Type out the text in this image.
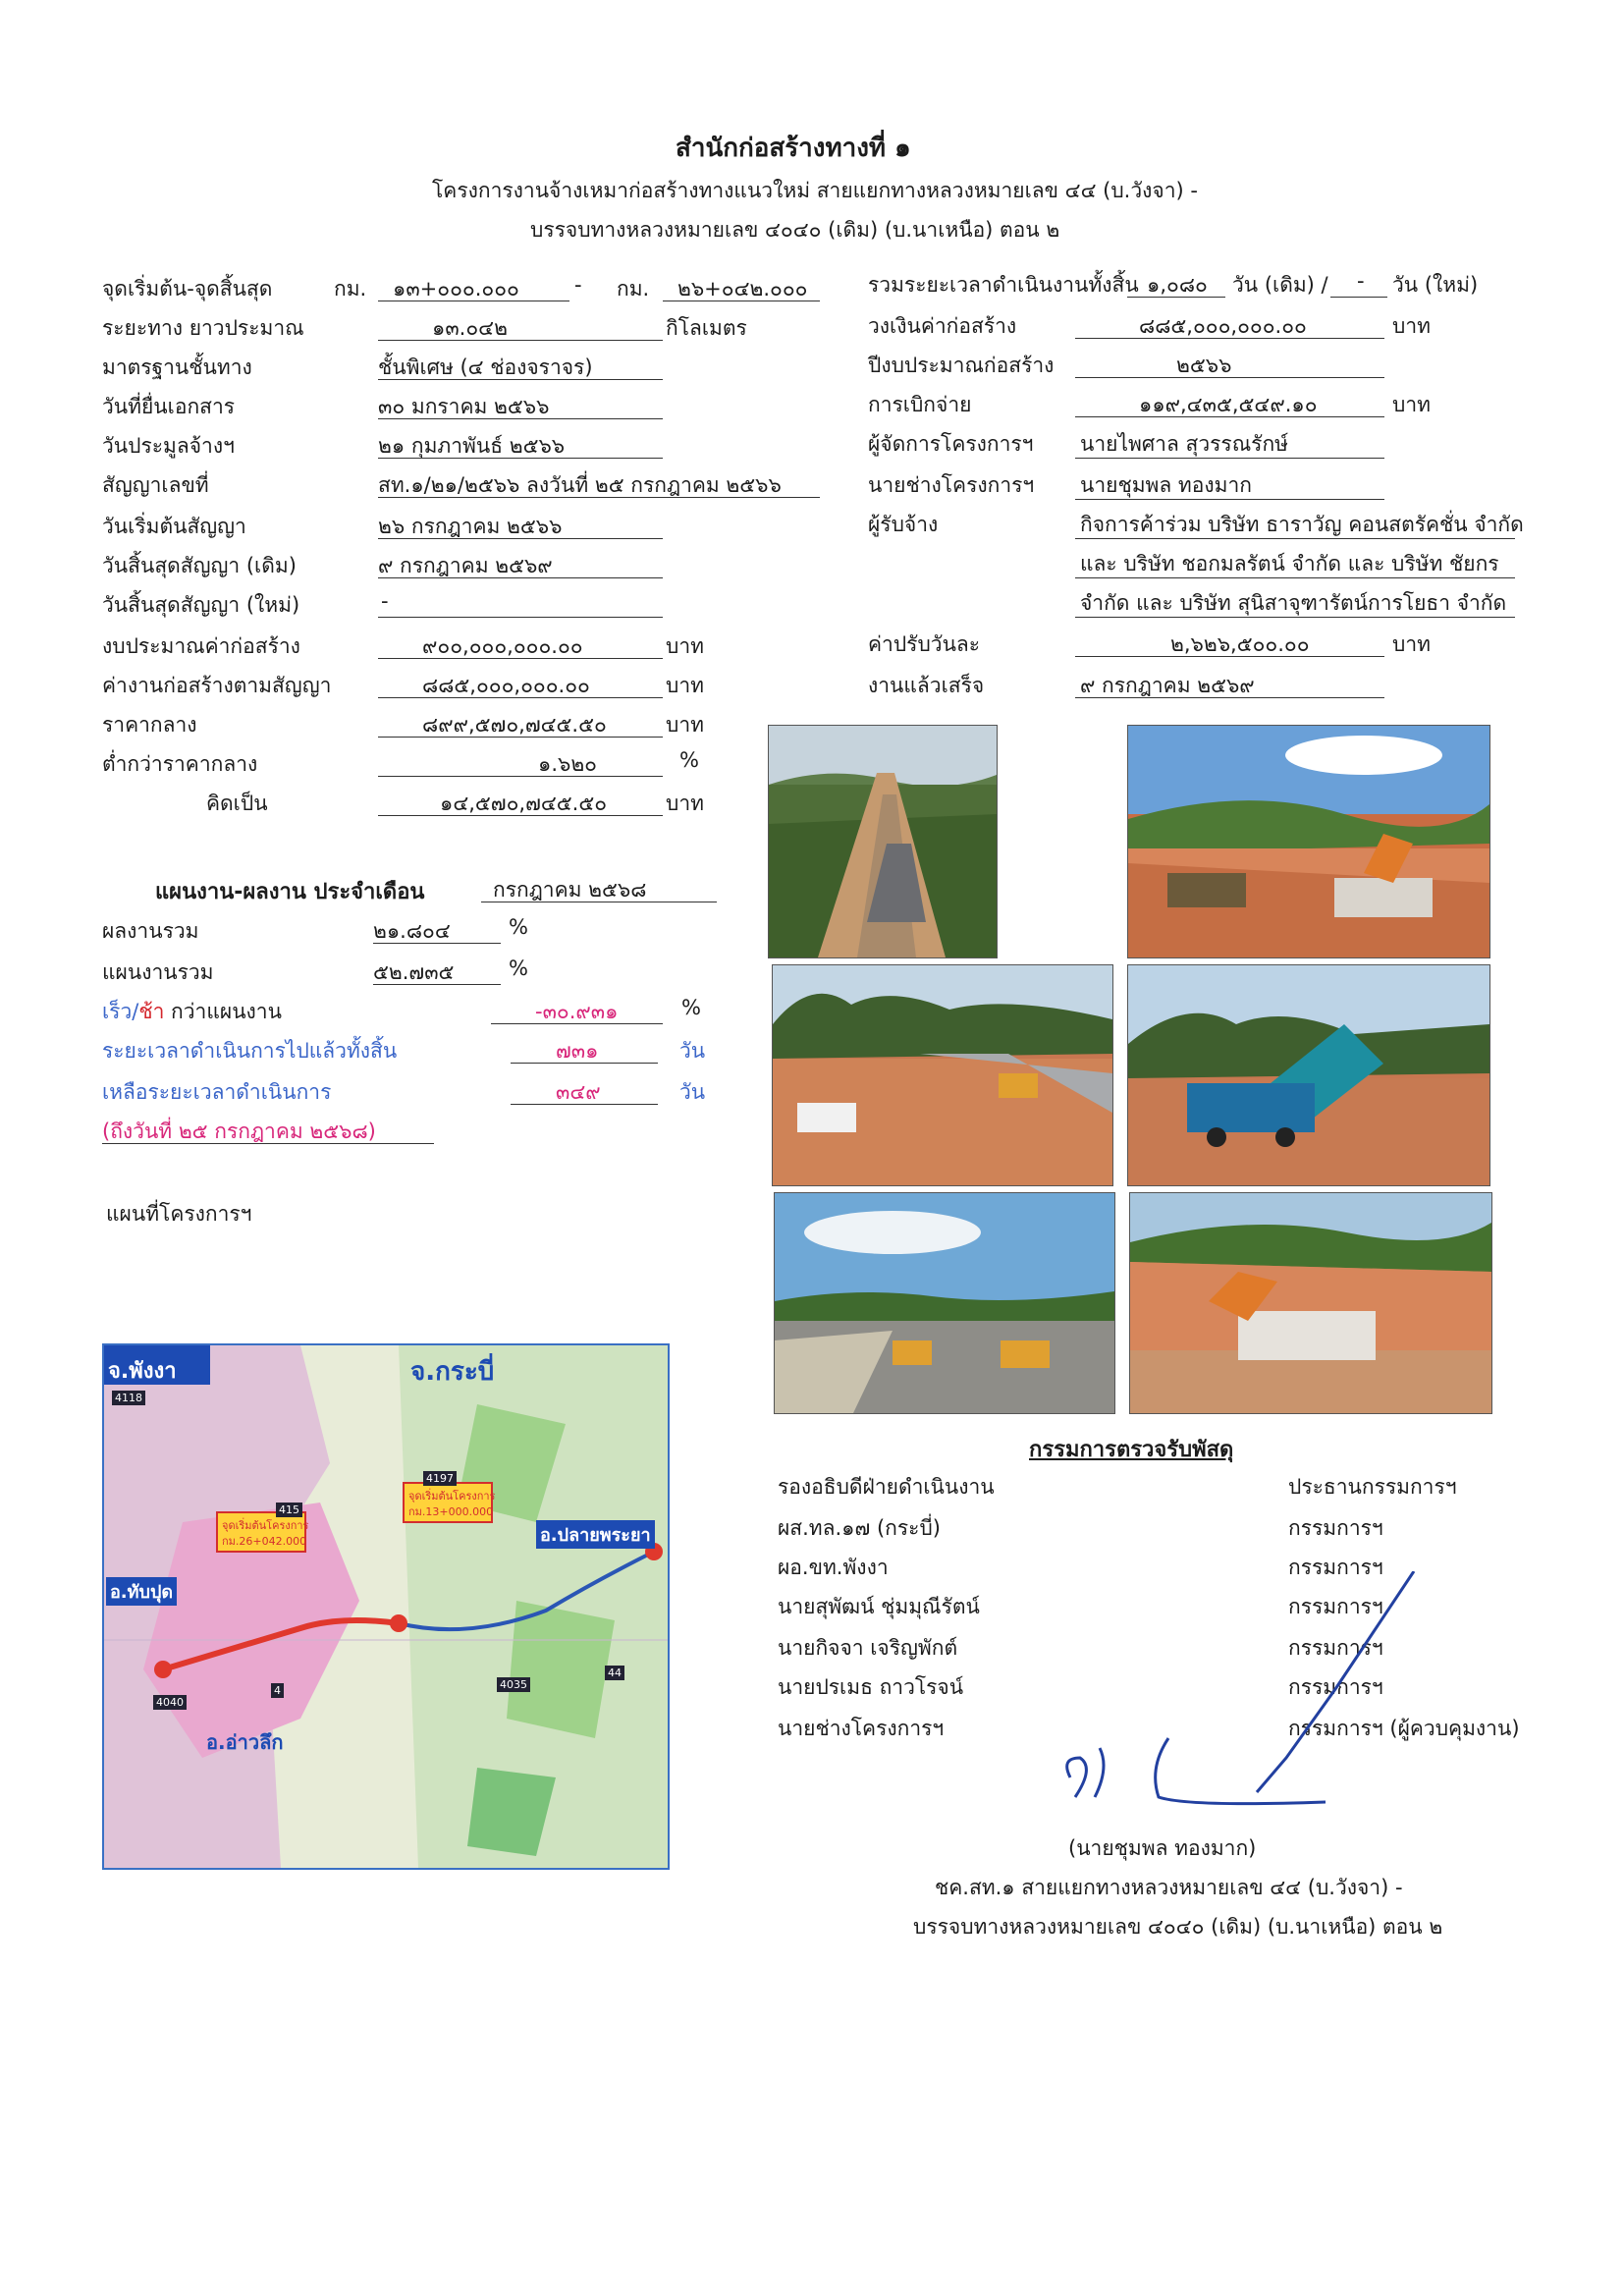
สำนักก่อสร้างทางที่ ๑
โครงการงานจ้างเหมาก่อสร้างทางแนวใหม่ สายแยกทางหลวงหมายเลข ๔๔ (บ.วังจา) -
บรรจบทางหลวงหมายเลข ๔๐๔๐ (เดิม) (บ.นาเหนือ) ตอน ๒
จุดเริ่มต้น-จุดสิ้นสุด	กม. ๑๓+๐๐๐.๐๐๐	- กม. ๒๖+๐๔๒.๐๐๐
ระยะทาง ยาวประมาณ	๑๓.๐๔๒	กิโลเมตร
มาตรฐานชั้นทาง	ชั้นพิเศษ (๔ ช่องจราจร)
วันที่ยื่นเอกสาร	๓๐ มกราคม ๒๕๖๖
วันประมูลจ้างฯ	๒๑ กุมภาพันธ์ ๒๕๖๖
สัญญาเลขที่	สท.๑/๒๑/๒๕๖๖ ลงวันที่ ๒๕ กรกฎาคม ๒๕๖๖
วันเริ่มต้นสัญญา	๒๖ กรกฎาคม ๒๕๖๖
วันสิ้นสุดสัญญา (เดิม)	๙ กรกฎาคม ๒๕๖๙
วันสิ้นสุดสัญญา (ใหม่)	-
งบประมาณค่าก่อสร้าง	๙๐๐,๐๐๐,๐๐๐.๐๐	บาท
ค่างานก่อสร้างตามสัญญา	๘๘๕,๐๐๐,๐๐๐.๐๐	บาท
ราคากลาง	๘๙๙,๕๗๐,๗๔๕.๕๐	บาท
ต่ำกว่าราคากลาง	๑.๖๒๐	%
คิดเป็น	๑๔,๕๗๐,๗๔๕.๕๐	บาท
รวมระยะเวลาดำเนินงานทั้งสิ้น ๑,๐๘๐ วัน (เดิม) / - วัน (ใหม่)
วงเงินค่าก่อสร้าง	๘๘๕,๐๐๐,๐๐๐.๐๐	บาท
ปีงบประมาณก่อสร้าง	๒๕๖๖
การเบิกจ่าย	๑๑๙,๔๓๕,๕๔๙.๑๐	บาท
ผู้จัดการโครงการฯ นายไพศาล สุวรรณรักษ์
นายช่างโครงการฯ นายชุมพล ทองมาก
ผู้รับจ้าง	กิจการค้าร่วม บริษัท ธาราวัญ คอนสตรัคชั่น จำกัด
และ บริษัท ชอกมลรัตน์ จำกัด และ บริษัท ชัยกร
จำกัด และ บริษัท สุนิสาจุฑารัตน์การโยธา จำกัด
ค่าปรับวันละ	๒,๖๒๖,๕๐๐.๐๐	บาท
งานแล้วเสร็จ	๙ กรกฎาคม ๒๕๖๙
แผนงาน-ผลงาน ประจำเดือน	กรกฎาคม ๒๕๖๘
ผลงานรวม	๒๑.๘๐๔	%
แผนงานรวม	๕๒.๗๓๕	%
เร็ว/ช้า กว่าแผนงาน	-๓๐.๙๓๑	%
ระยะเวลาดำเนินการไปแล้วทั้งสิ้น	๗๓๑	วัน
เหลือระยะเวลาดำเนินการ	๓๔๙	วัน
(ถึงวันที่ ๒๕ กรกฎาคม ๒๕๖๘)
แผนที่โครงการฯ
จ.พังงา	จ.กระบี่
อ.ทับปุด
อ.ปลายพระยา
อ.อ่าวลึก
จุดเริ่มต้นโครงการ
กม.26+042.000
จุดเริ่มต้นโครงการ
กม.13+000.000
4118
415
4197
4
4040
4035
44
กรรมการตรวจรับพัสดุ
รองอธิบดีฝ่ายดำเนินงาน	ประธานกรรมการฯ
ผส.ทล.๑๗ (กระบี่)	กรรมการฯ
ผอ.ขท.พังงา	กรรมการฯ
นายสุพัฒน์ ชุ่มมุณีรัตน์	กรรมการฯ
นายกิจจา เจริญพักต์	กรรมการฯ
นายปรเมธ ถาวโรจน์	กรรมการฯ
นายช่างโครงการฯ	กรรมการฯ (ผู้ควบคุมงาน)
(นายชุมพล ทองมาก)
ชค.สท.๑ สายแยกทางหลวงหมายเลข ๔๔ (บ.วังจา) -
บรรจบทางหลวงหมายเลข ๔๐๔๐ (เดิม) (บ.นาเหนือ) ตอน ๒
